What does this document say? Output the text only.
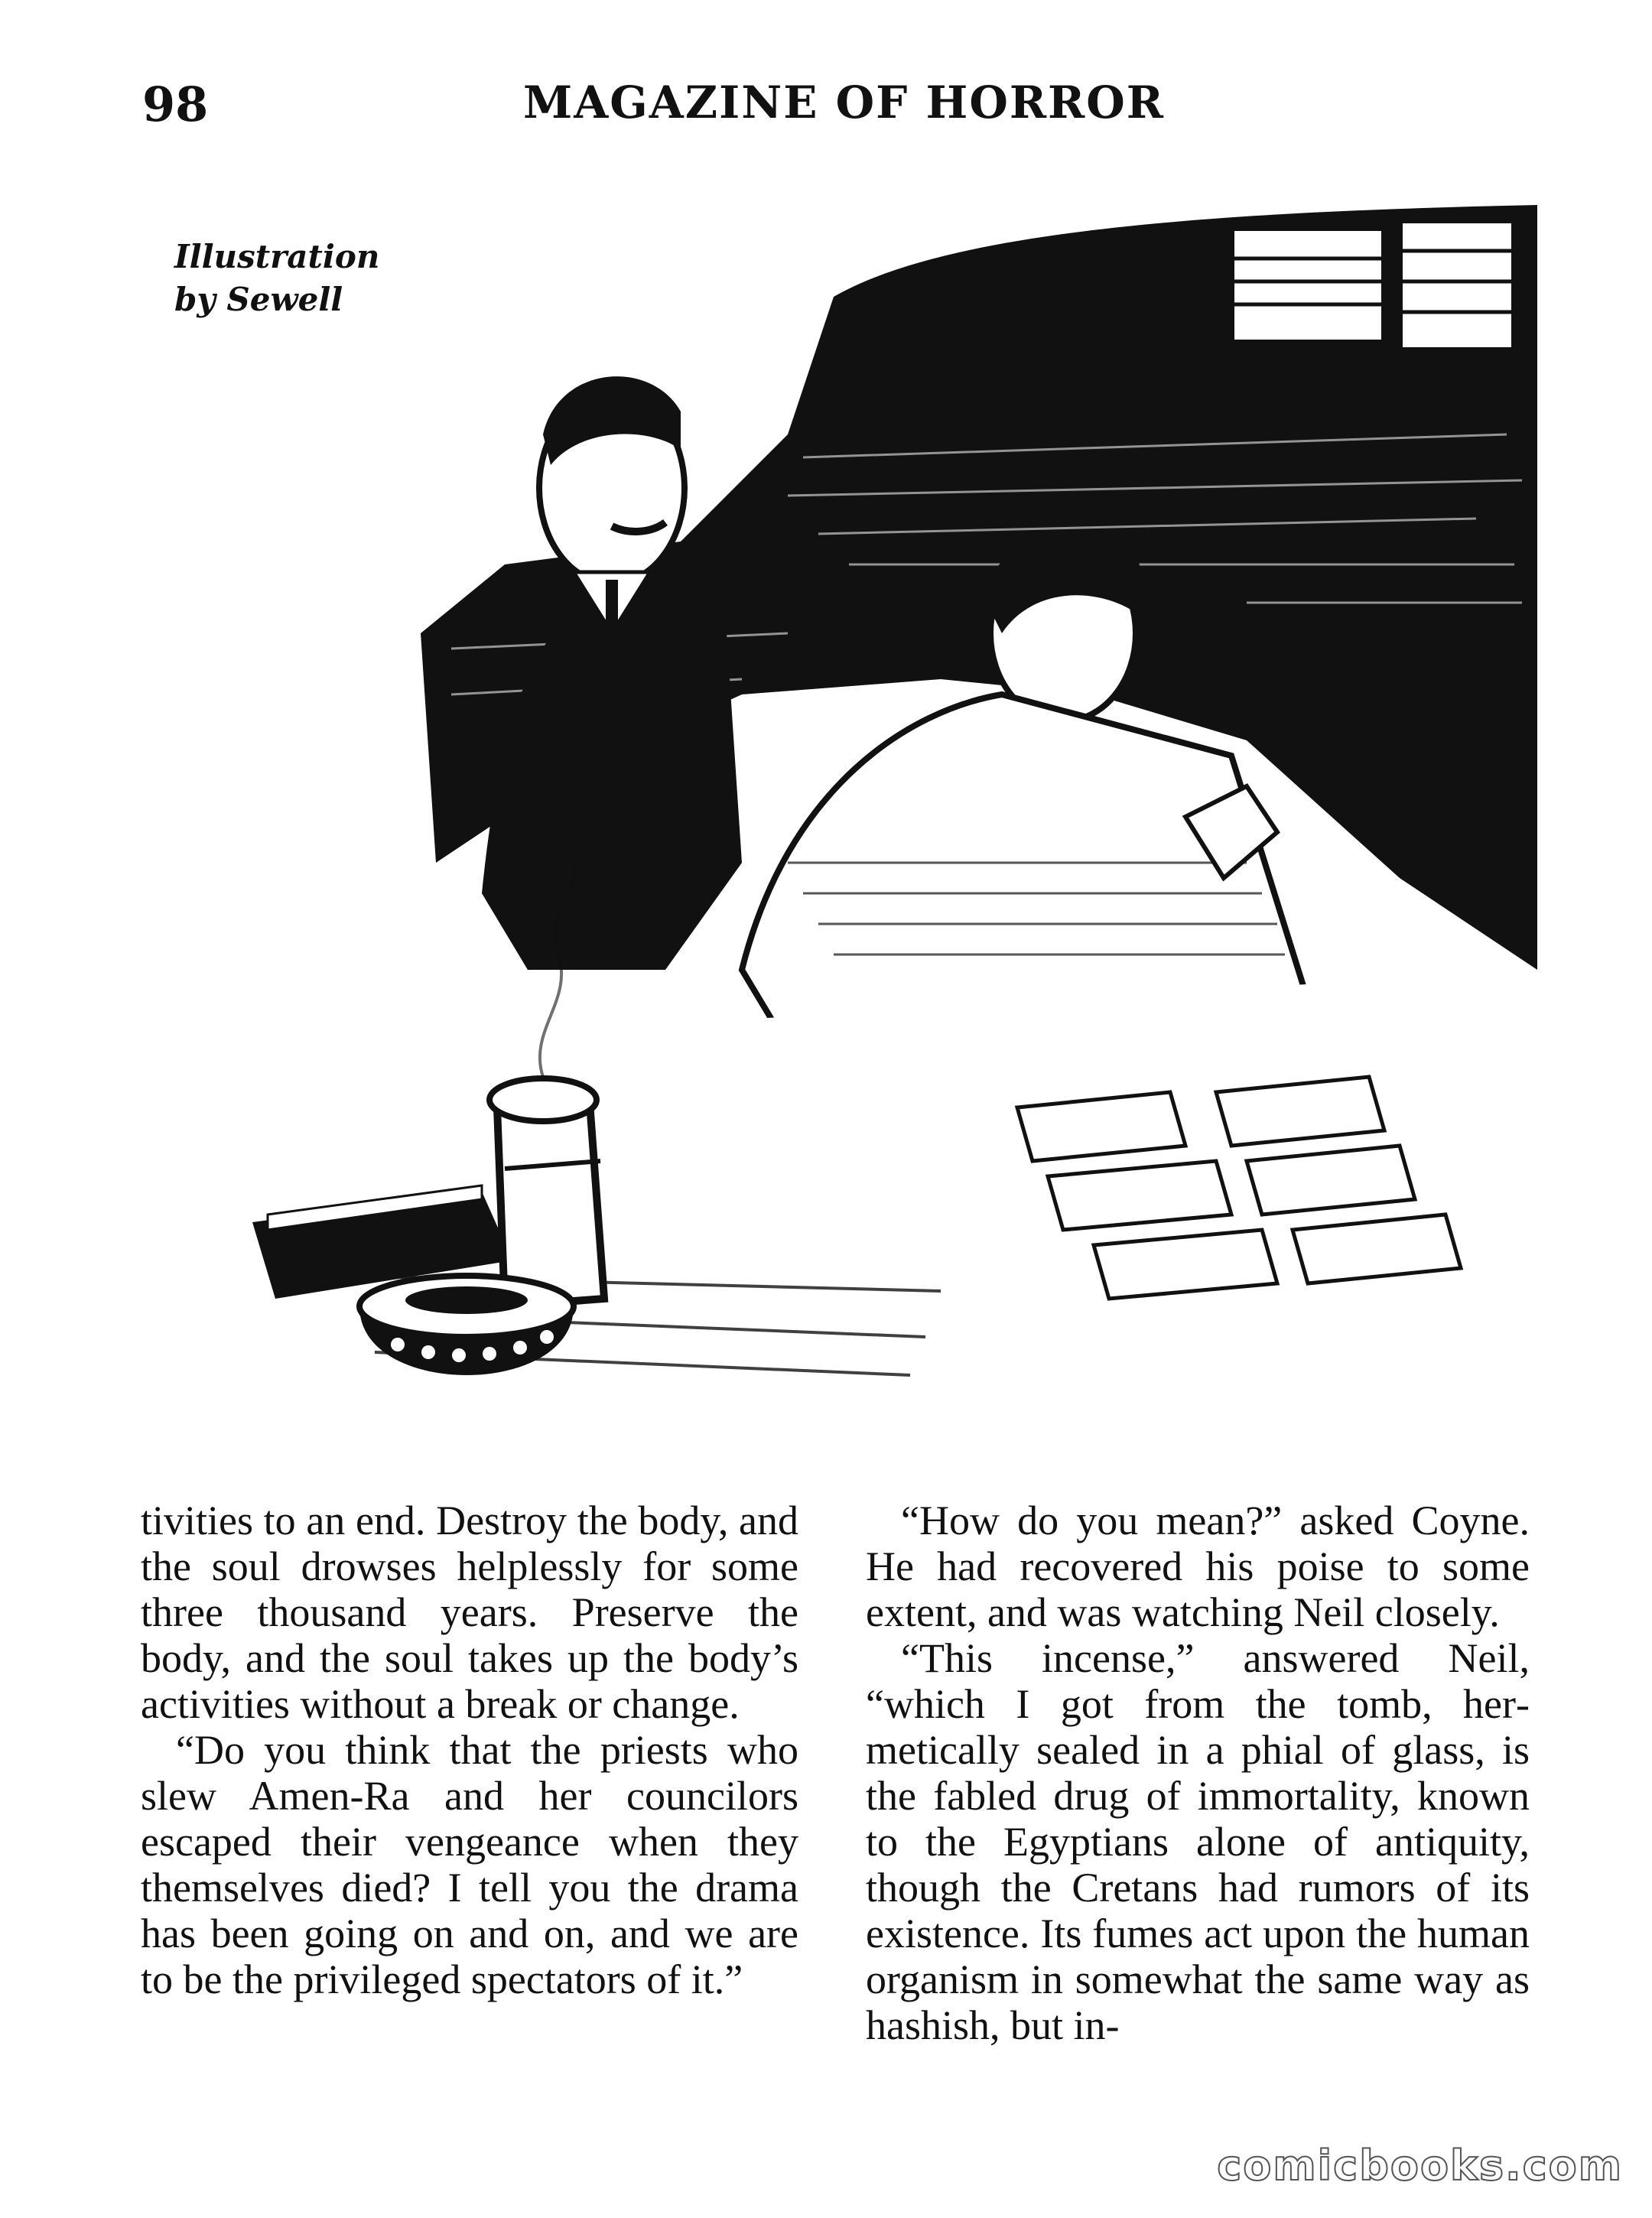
98	MAGAZINE OF HORROR
Illustration
by Sewell

tivities to an end. Destroy the body, and the soul drowses helplessly for some three thousand years. Preserve the body, and the soul takes up the body’s activities without a break or change.

“Do you think that the priests who slew Amen-Ra and her councilors escaped their vengeance when they themselves died? I tell you the drama has been going on and on, and we are to be the privileged spectators of it.”

“How do you mean?” asked Coyne. He had recovered his poise to some extent, and was watching Neil closely.

“This incense,” answered Neil, “which I got from the tomb, hermetically sealed in a phial of glass, is the fabled drug of immortality, known to the Egyptians alone of antiquity, though the Cretans had rumors of its existence. Its fumes act upon the human organism in somewhat the same way as hashish, but in-

comicbooks.com
